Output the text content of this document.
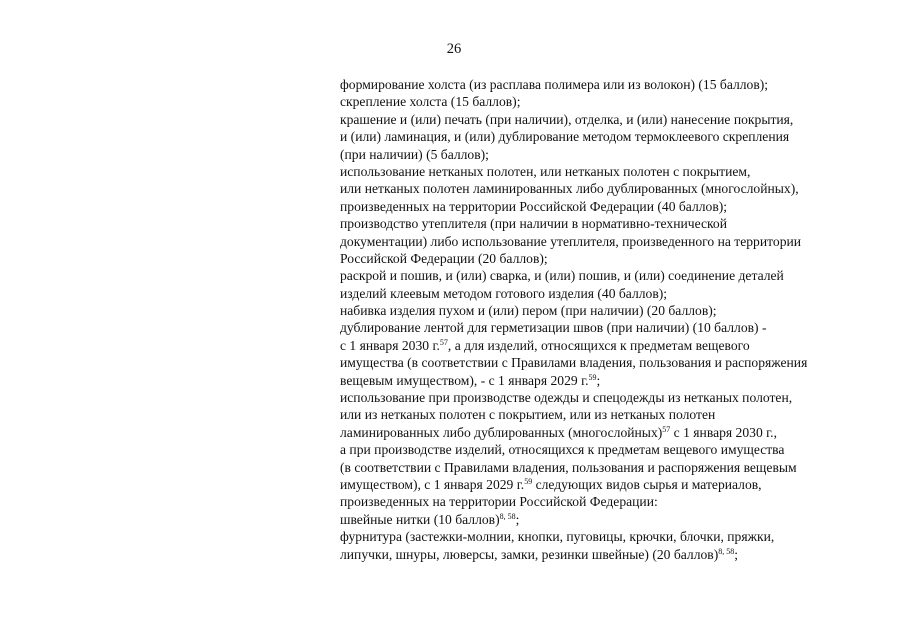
26
формирование холста (из расплава полимера или из волокон) (15 баллов);
скрепление холста (15 баллов);
крашение и (или) печать (при наличии), отделка, и (или) нанесение покрытия,
и (или) ламинация, и (или) дублирование методом термоклеевого скрепления
(при наличии) (5 баллов);
использование нетканых полотен, или нетканых полотен с покрытием,
или нетканых полотен ламинированных либо дублированных (многослойных),
произведенных на территории Российской Федерации (40 баллов);
производство утеплителя (при наличии в нормативно-технической
документации) либо использование утеплителя, произведенного на территории
Российской Федерации (20 баллов);
раскрой и пошив, и (или) сварка, и (или) пошив, и (или) соединение деталей
изделий клеевым методом готового изделия (40 баллов);
набивка изделия пухом и (или) пером (при наличии) (20 баллов);
дублирование лентой для герметизации швов (при наличии) (10 баллов) -
с 1 января 2030 г.$^{57}$, а для изделий, относящихся к предметам вещевого
имущества (в соответствии с Правилами владения, пользования и распоряжения
вещевым имуществом), - с 1 января 2029 г.$^{59}$;
использование при производстве одежды и спецодежды из нетканых полотен,
или из нетканых полотен с покрытием, или из нетканых полотен
ламинированных либо дублированных (многослойных)$^{57}$ с 1 января 2030 г.,
а при производстве изделий, относящихся к предметам вещевого имущества
(в соответствии с Правилами владения, пользования и распоряжения вещевым
имуществом), с 1 января 2029 г.$^{59}$ следующих видов сырья и материалов,
произведенных на территории Российской Федерации:
швейные нитки (10 баллов)$^{8, 58}$;
фурнитура (застежки-молнии, кнопки, пуговицы, крючки, блочки, пряжки,
липучки, шнуры, люверсы, замки, резинки швейные) (20 баллов)$^{8, 58}$;
